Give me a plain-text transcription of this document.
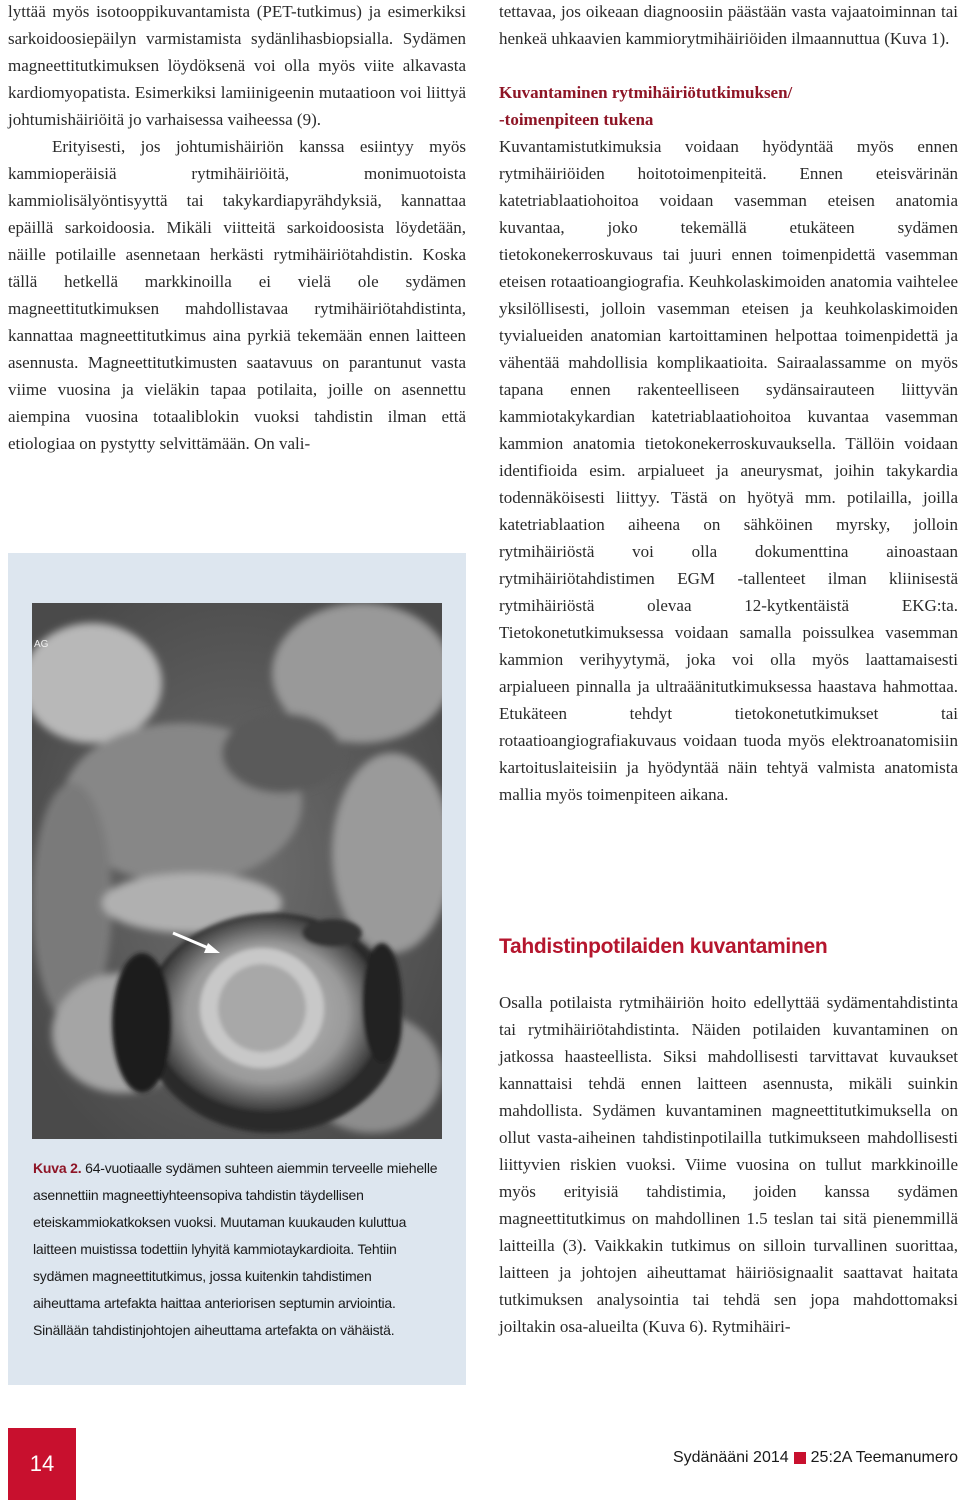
lyttää myös isotooppikuvantamista (PET-tutkimus) ja esimerkiksi sarkoidoosiepäilyn varmistamista sydänlihasbiopsialla. Sydämen magneettitutkimuksen löydöksenä voi olla myös viite alkavasta kardiomyopatista. Esimerkiksi lamiinigeenin mutaatioon voi liittyä johtumishäiriöitä jo varhaisessa vaiheessa (9).

Erityisesti, jos johtumishäiriön kanssa esiintyy myös kammioperäisiä rytmihäiriöitä, monimuotoista kammiolisälyöntisyyttä tai takykardiapyrähdyksiä, kannattaa epäillä sarkoidoosia. Mikäli viitteitä sarkoidoosista löydetään, näille potilaille asennetaan herkästi rytmihäiriötahdistin. Koska tällä hetkellä markkinoilla ei vielä ole sydämen magneettitutkimuksen mahdollistavaa rytmihäiriötahdistinta, kannattaa magneettitutkimus aina pyrkiä tekemään ennen laitteen asennusta. Magneettitutkimusten saatavuus on parantunut vasta viime vuosina ja vieläkin tapaa potilaita, joille on asennettu aiempina vuosina totaaliblokin vuoksi tahdistin ilman että etiologiaa on pystytty selvittämään. On vali-

AG
Kuva 2. 64-vuotiaalle sydämen suhteen aiemmin terveelle miehelle asennettiin magneettiyhteensopiva tahdistin täydellisen eteiskammiokatkoksen vuoksi. Muutaman kuukauden kuluttua laitteen muistissa todettiin lyhyitä kammiotaykardioita. Tehtiin sydämen magneettitutkimus, jossa kuitenkin tahdistimen aiheuttama artefakta haittaa anteriorisen septumin arviointia. Sinällään tahdistinjohtojen aiheuttama artefakta on vähäistä.

tettavaa, jos oikeaan diagnoosiin päästään vasta vajaatoiminnan tai henkeä uhkaavien kammiorytmihäiriöiden ilmaannuttua (Kuva 1).

Kuvantaminen rytmihäiriötutkimuksen/
-toimenpiteen tukena

Kuvantamistutkimuksia voidaan hyödyntää myös ennen rytmihäiriöiden hoitotoimenpiteitä. Ennen eteisvärinän katetriablaatiohoitoa voidaan vasemman eteisen anatomia kuvantaa, joko tekemällä etukäteen sydämen tietokonekerroskuvaus tai juuri ennen toimenpidettä vasemman eteisen rotaatioangiografia. Keuhkolaskimoiden anatomia vaihtelee yksilöllisesti, jolloin vasemman eteisen ja keuhkolaskimoiden tyvialueiden anatomian kartoittaminen helpottaa toimenpidettä ja vähentää mahdollisia komplikaatioita. Sairaalassamme on myös tapana ennen rakenteelliseen sydänsairauteen liittyvän kammiotakykardian katetriablaatiohoitoa kuvantaa vasemman kammion anatomia tietokonekerroskuvauksella. Tällöin voidaan identifioida esim. arpialueet ja aneurysmat, joihin takykardia todennäköisesti liittyy. Tästä on hyötyä mm. potilailla, joilla katetriablaation aiheena on sähköinen myrsky, jolloin rytmihäiriöstä voi olla dokumenttina ainoastaan rytmihäiriötahdistimen EGM -tallenteet ilman kliinisestä rytmihäiriöstä olevaa 12-kytkentäistä EKG:ta. Tietokonetutkimuksessa voidaan samalla poissulkea vasemman kammion verihyytymä, joka voi olla myös laattamaisesti arpialueen pinnalla ja ultraäänitutkimuksessa haastava hahmottaa. Etukäteen tehdyt tietokonetutkimukset tai rotaatioangiografiakuvaus voidaan tuoda myös elektroanatomisiin kartoituslaiteisiin ja hyödyntää näin tehtyä valmista anatomista mallia myös toimenpiteen aikana.

Tahdistinpotilaiden kuvantaminen

Osalla potilaista rytmihäiriön hoito edellyttää sydämentahdistinta tai rytmihäiriötahdistinta. Näiden potilaiden kuvantaminen on jatkossa haasteellista. Siksi mahdollisesti tarvittavat kuvaukset kannattaisi tehdä ennen laitteen asennusta, mikäli suinkin mahdollista. Sydämen kuvantaminen magneettitutkimuksella on ollut vasta-aiheinen tahdistinpotilailla tutkimukseen mahdollisesti liittyvien riskien vuoksi. Viime vuosina on tullut markkinoille myös erityisiä tahdistimia, joiden kanssa sydämen magneettitutkimus on mahdollinen 1.5 teslan tai sitä pienemmillä laitteilla (3). Vaikkakin tutkimus on silloin turvallinen suorittaa, laitteen ja johtojen aiheuttamat häiriösignaalit saattavat haitata tutkimuksen analysointia tai tehdä sen jopa mahdottomaksi joiltakin osa-alueilta (Kuva 6). Rytmihäiri-

14	Sydänääni 2014 25:2A Teemanumero
